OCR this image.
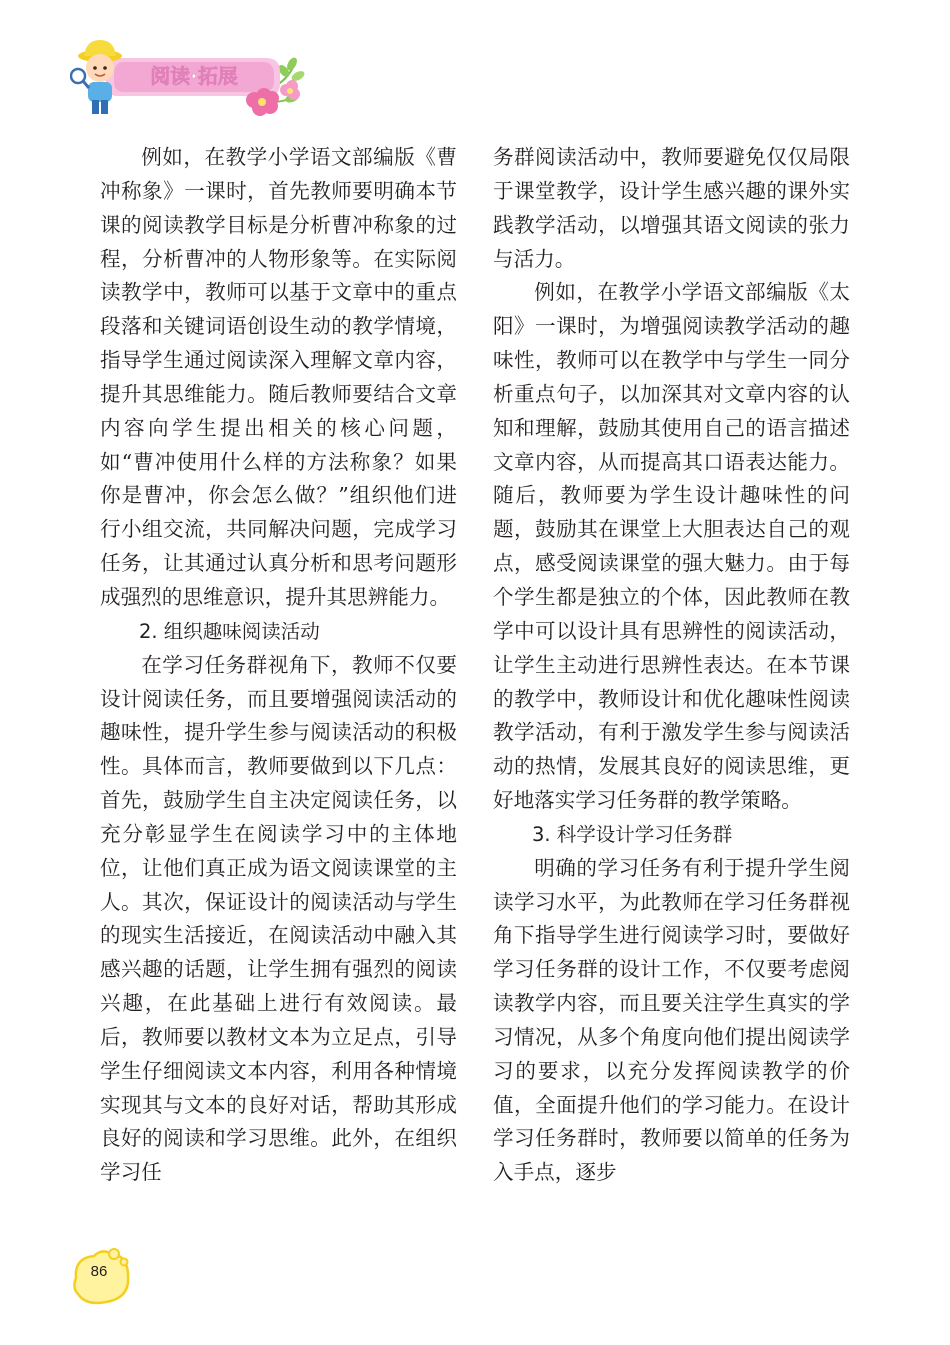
阅读·拓展

例如，在教学小学语文部编版《曹冲称象》一课时，首先教师要明确本节课的阅读教学目标是分析曹冲称象的过程，分析曹冲的人物形象等。在实际阅读教学中，教师可以基于文章中的重点段落和关键词语创设生动的教学情境，指导学生通过阅读深入理解文章内容，提升其思维能力。随后教师要结合文章内容向学生提出相关的核心问题，如“曹冲使用什么样的方法称象？如果你是曹冲，你会怎么做？”组织他们进行小组交流，共同解决问题，完成学习任务，让其通过认真分析和思考问题形成强烈的思维意识，提升其思辨能力。

2. 组织趣味阅读活动

在学习任务群视角下，教师不仅要设计阅读任务，而且要增强阅读活动的趣味性，提升学生参与阅读活动的积极性。具体而言，教师要做到以下几点：首先，鼓励学生自主决定阅读任务，以充分彰显学生在阅读学习中的主体地位，让他们真正成为语文阅读课堂的主人。其次，保证设计的阅读活动与学生的现实生活接近，在阅读活动中融入其感兴趣的话题，让学生拥有强烈的阅读兴趣，在此基础上进行有效阅读。最后，教师要以教材文本为立足点，引导学生仔细阅读文本内容，利用各种情境实现其与文本的良好对话，帮助其形成良好的阅读和学习思维。此外，在组织学习任

务群阅读活动中，教师要避免仅仅局限于课堂教学，设计学生感兴趣的课外实践教学活动，以增强其语文阅读的张力与活力。

例如，在教学小学语文部编版《太阳》一课时，为增强阅读教学活动的趣味性，教师可以在教学中与学生一同分析重点句子，以加深其对文章内容的认知和理解，鼓励其使用自己的语言描述文章内容，从而提高其口语表达能力。随后，教师要为学生设计趣味性的问题，鼓励其在课堂上大胆表达自己的观点，感受阅读课堂的强大魅力。由于每个学生都是独立的个体，因此教师在教学中可以设计具有思辨性的阅读活动，让学生主动进行思辨性表达。在本节课的教学中，教师设计和优化趣味性阅读教学活动，有利于激发学生参与阅读活动的热情，发展其良好的阅读思维，更好地落实学习任务群的教学策略。

3. 科学设计学习任务群

明确的学习任务有利于提升学生阅读学习水平，为此教师在学习任务群视角下指导学生进行阅读学习时，要做好学习任务群的设计工作，不仅要考虑阅读教学内容，而且要关注学生真实的学习情况，从多个角度向他们提出阅读学习的要求，以充分发挥阅读教学的价值，全面提升他们的学习能力。在设计学习任务群时，教师要以简单的任务为入手点，逐步

86
